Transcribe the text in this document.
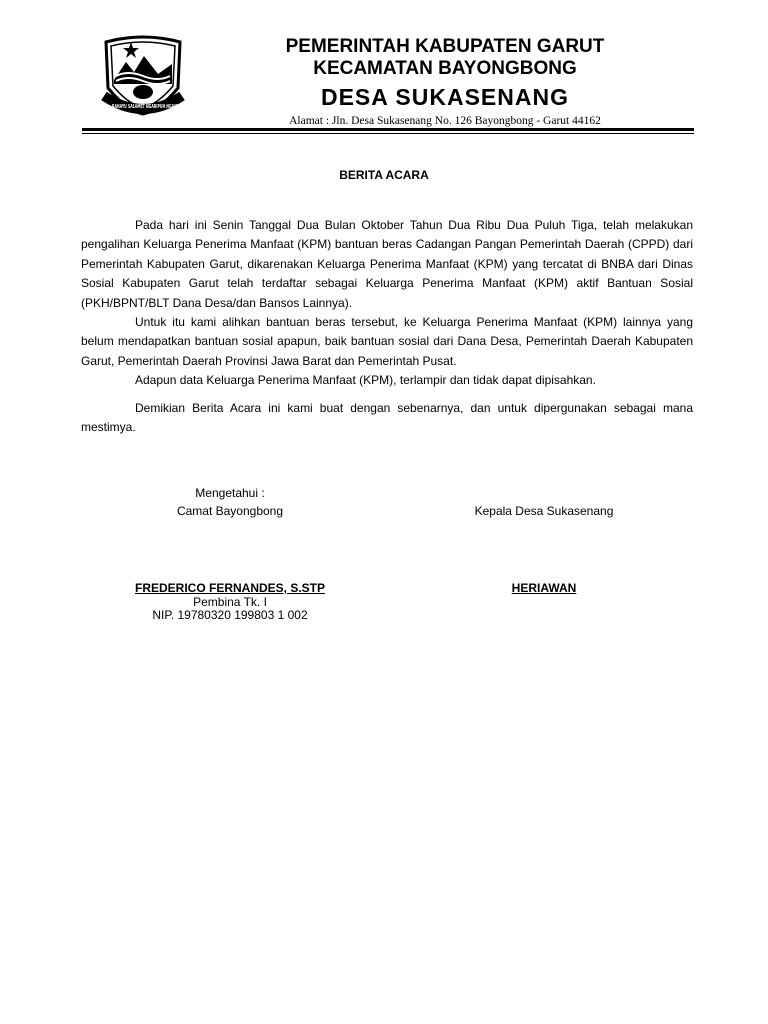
RAHAYU SALAMET NGARIPUH NGANYAH
PEMERINTAH KABUPATEN GARUT
KECAMATAN BAYONGBONG
DESA SUKASENANG
Alamat : Jln. Desa Sukasenang No. 126 Bayongbong - Garut 44162
BERITA ACARA

Pada hari ini Senin Tanggal Dua Bulan Oktober Tahun Dua Ribu Dua Puluh Tiga, telah melakukan pengalihan Keluarga Penerima Manfaat (KPM) bantuan beras Cadangan Pangan Pemerintah Daerah (CPPD) dari Pemerintah Kabupaten Garut, dikarenakan Keluarga Penerima Manfaat (KPM) yang tercatat di BNBA dari Dinas Sosial Kabupaten Garut telah terdaftar sebagai Keluarga Penerima Manfaat (KPM) aktif Bantuan Sosial (PKH/BPNT/BLT Dana Desa/dan Bansos Lainnya).

Untuk itu kami alihkan bantuan beras tersebut, ke Keluarga Penerima Manfaat (KPM) lainnya yang belum mendapatkan bantuan sosial apapun, baik bantuan sosial dari Dana Desa, Pemerintah Daerah Kabupaten Garut, Pemerintah Daerah Provinsi Jawa Barat dan Pemerintah Pusat.

Adapun data Keluarga Penerima Manfaat (KPM), terlampir dan tidak dapat dipisahkan.

Demikian Berita Acara ini kami buat dengan sebenarnya, dan untuk dipergunakan sebagai mana mestimya.

Mengetahui :
Camat Bayongbong	Kepala Desa Sukasenang
FREDERICO FERNANDES, S.STP
Pembina Tk. I
NIP. 19780320 199803 1 002
HERIAWAN
